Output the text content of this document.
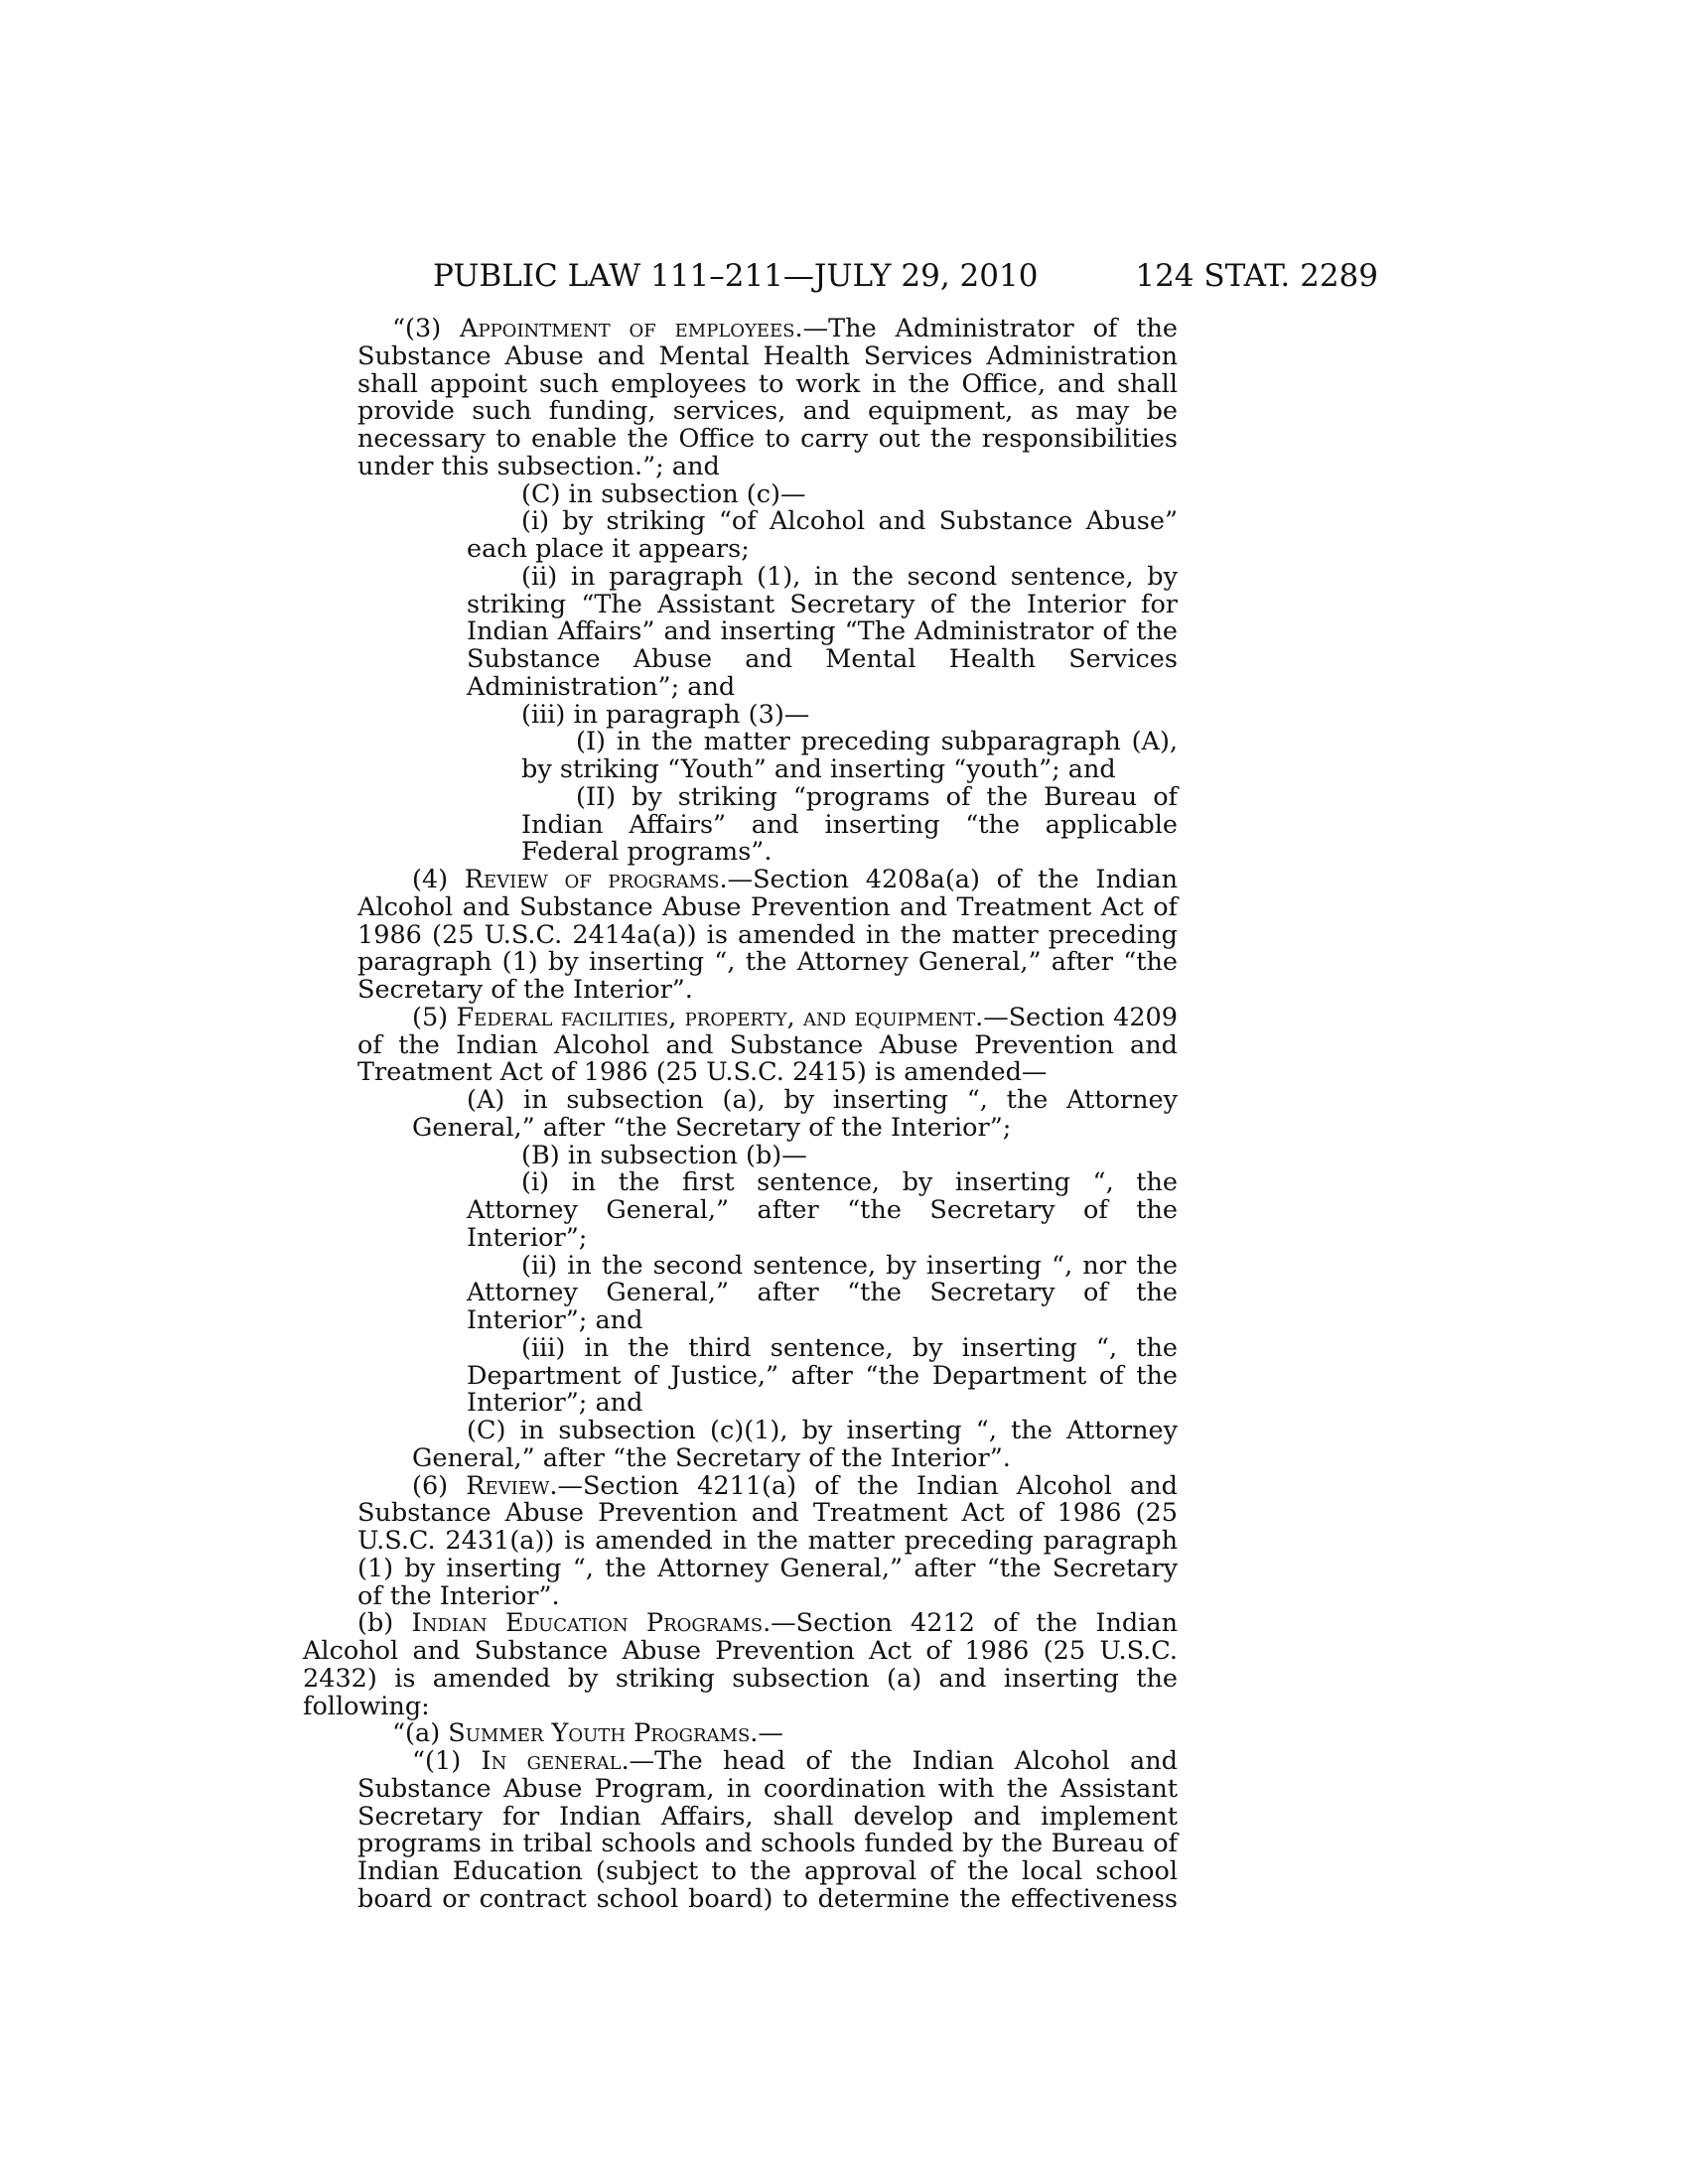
PUBLIC LAW 111–211—JULY 29, 2010	124 STAT. 2289

“(3) Appointment of employees.—The Administrator of the Substance Abuse and Mental Health Services Administration shall appoint such employees to work in the Office, and shall provide such funding, services, and equipment, as may be necessary to enable the Office to carry out the responsibilities under this subsection.”; and

(C) in subsection (c)—

(i) by striking “of Alcohol and Substance Abuse” each place it appears;

(ii) in paragraph (1), in the second sentence, by striking “The Assistant Secretary of the Interior for Indian Affairs” and inserting “The Administrator of the Substance Abuse and Mental Health Services Administration”; and

(iii) in paragraph (3)—

(I) in the matter preceding subparagraph (A), by striking “Youth” and inserting “youth”; and

(II) by striking “programs of the Bureau of Indian Affairs” and inserting “the applicable Federal programs”.

(4) Review of programs.—Section 4208a(a) of the Indian Alcohol and Substance Abuse Prevention and Treatment Act of 1986 (25 U.S.C. 2414a(a)) is amended in the matter preceding paragraph (1) by inserting “, the Attorney General,” after “the Secretary of the Interior”.

(5) Federal facilities, property, and equipment.—Section 4209 of the Indian Alcohol and Substance Abuse Prevention and Treatment Act of 1986 (25 U.S.C. 2415) is amended—

(A) in subsection (a), by inserting “, the Attorney General,” after “the Secretary of the Interior”;

(B) in subsection (b)—

(i) in the first sentence, by inserting “, the Attorney General,” after “the Secretary of the Interior”;

(ii) in the second sentence, by inserting “, nor the Attorney General,” after “the Secretary of the Interior”; and

(iii) in the third sentence, by inserting “, the Department of Justice,” after “the Department of the Interior”; and

(C) in subsection (c)(1), by inserting “, the Attorney General,” after “the Secretary of the Interior”.

(6) Review.—Section 4211(a) of the Indian Alcohol and Substance Abuse Prevention and Treatment Act of 1986 (25 U.S.C. 2431(a)) is amended in the matter preceding paragraph (1) by inserting “, the Attorney General,” after “the Secretary of the Interior”.

(b) Indian Education Programs.—Section 4212 of the Indian Alcohol and Substance Abuse Prevention Act of 1986 (25 U.S.C. 2432) is amended by striking subsection (a) and inserting the following:

“(a) Summer Youth Programs.—

“(1) In general.—The head of the Indian Alcohol and Substance Abuse Program, in coordination with the Assistant Secretary for Indian Affairs, shall develop and implement programs in tribal schools and schools funded by the Bureau of Indian Education (subject to the approval of the local school board or contract school board) to determine the effectiveness
